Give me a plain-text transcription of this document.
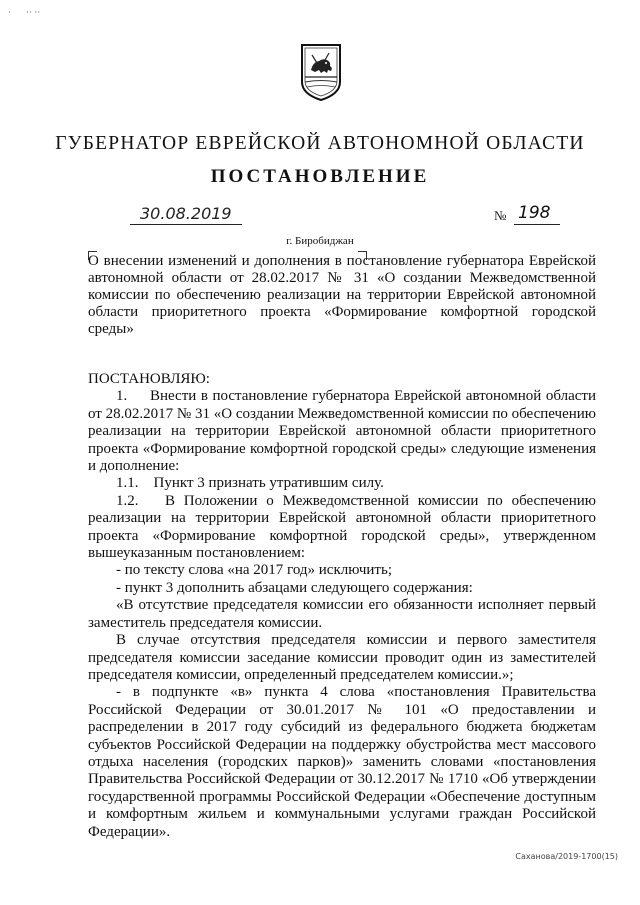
· ·· ··
ГУБЕРНАТОР ЕВРЕЙСКОЙ АВТОНОМНОЙ ОБЛАСТИ
ПОСТАНОВЛЕНИЕ
30.08.2019	№ 198
г. Биробиджан
О внесении изменений и дополнения в постановление губернатора Еврейской автономной области от 28.02.2017 № 31 «О создании Межведомственной комиссии по обеспечению реализации на территории Еврейской автономной области приоритетного проекта «Формирование комфортной городской среды»

ПОСТАНОВЛЯЮ:

1.     Внести в постановление губернатора Еврейской автономной области от 28.02.2017 № 31 «О создании Межведомственной комиссии по обеспечению реализации на территории Еврейской автономной области приоритетного проекта «Формирование комфортной городской среды» следующие изменения и дополнение:

1.1.    Пункт 3 признать утратившим силу.

1.2.   В Положении о Межведомственной комиссии по обеспечению реализации на территории Еврейской автономной области приоритетного проекта «Формирование комфортной городской среды», утвержденном вышеуказанным постановлением:

- по тексту слова «на 2017 год» исключить;

- пункт 3 дополнить абзацами следующего содержания:

«В отсутствие председателя комиссии его обязанности исполняет первый заместитель председателя комиссии.

В случае отсутствия председателя комиссии и первого заместителя председателя комиссии заседание комиссии проводит один из заместителей председателя комиссии, определенный председателем комиссии.»;

- в подпункте «в» пункта 4 слова «постановления Правительства Российской Федерации от 30.01.2017 № 101 «О предоставлении и распределении в 2017 году субсидий из федерального бюджета бюджетам субъектов Российской Федерации на поддержку обустройства мест массового отдыха населения (городских парков)» заменить словами «постановления Правительства Российской Федерации от 30.12.2017 № 1710 «Об утверждении государственной программы Российской Федерации «Обеспечение доступным и комфортным жильем и коммунальными услугами граждан Российской Федерации».

Саханова/2019-1700(15)
